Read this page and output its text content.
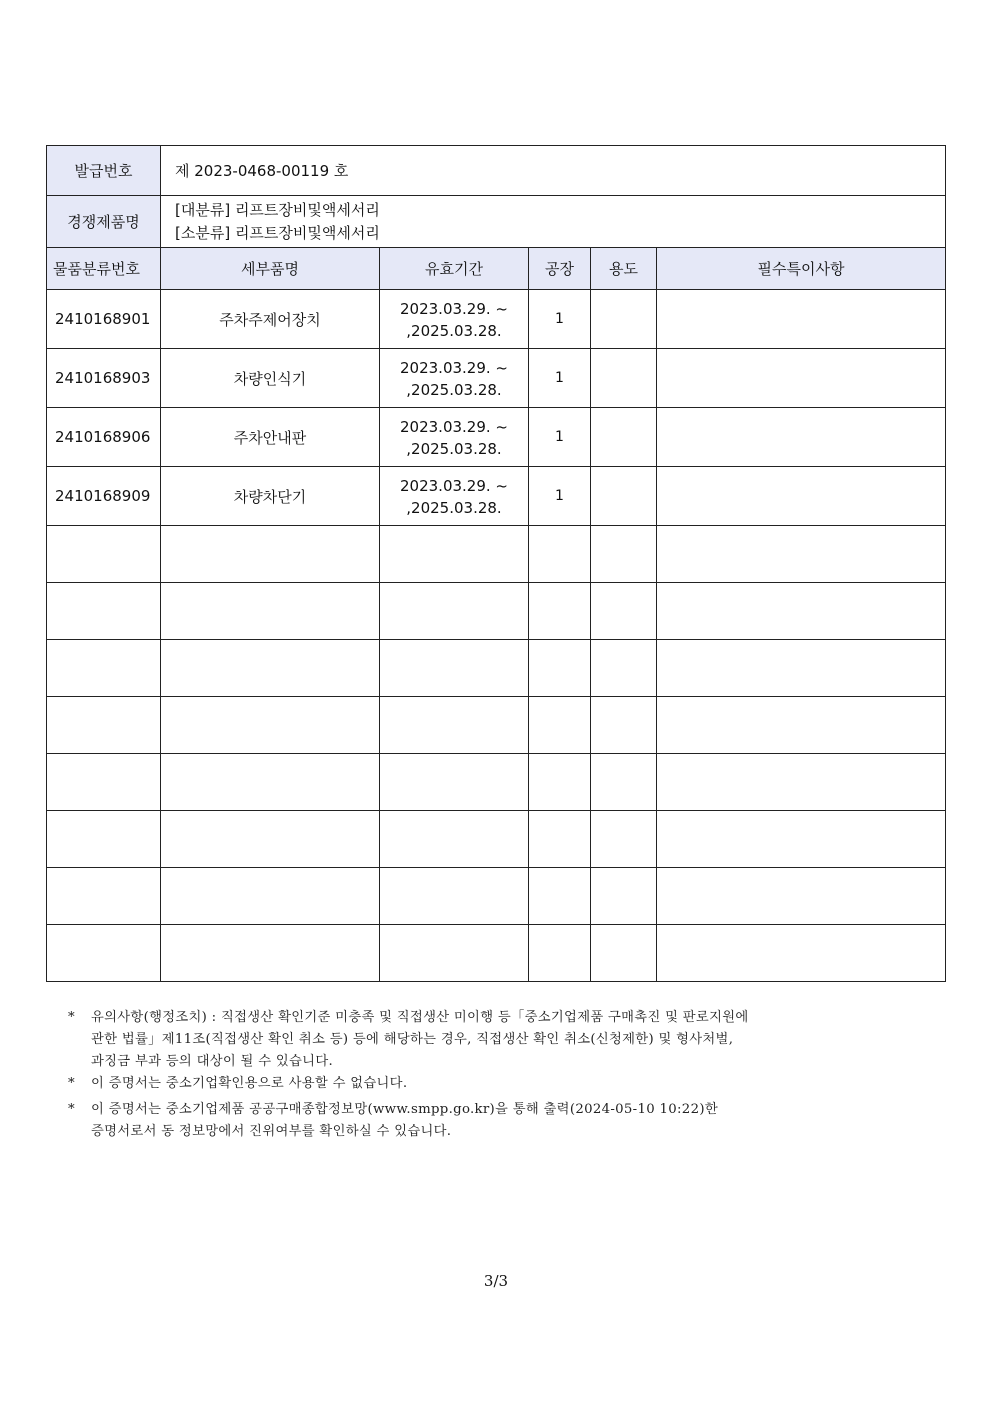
발급번호	제 2023-0468-00119 호				
경쟁제품명	[대분류] 리프트장비및액세서리
[소분류] 리프트장비및액세서리				

물품분류번호	세부품명	유효기간	공장	용도	필수특이사항
2410168901	주차주제어장치	2023.03.29. ~
,2025.03.28.	1		
2410168903	차량인식기	2023.03.29. ~
,2025.03.28.	1		
2410168906	주차안내판	2023.03.29. ~
,2025.03.28.	1		
2410168909	차량차단기	2023.03.29. ~
,2025.03.28.	1		

*	유의사항(행정조치) : 직접생산 확인기준 미충족 및 직접생산 미이행 등「중소기업제품 구매촉진 및 판로지원에
관한 법률」제11조(직접생산 확인 취소 등) 등에 해당하는 경우, 직접생산 확인 취소(신청제한) 및 형사처벌,
과징금 부과 등의 대상이 될 수 있습니다.
*	이 증명서는 중소기업확인용으로 사용할 수 없습니다.
*	이 증명서는 중소기업제품 공공구매종합정보망(www.smpp.go.kr)을 통해 출력(2024-05-10 10:22)한
증명서로서 동 정보망에서 진위여부를 확인하실 수 있습니다.
3/3
